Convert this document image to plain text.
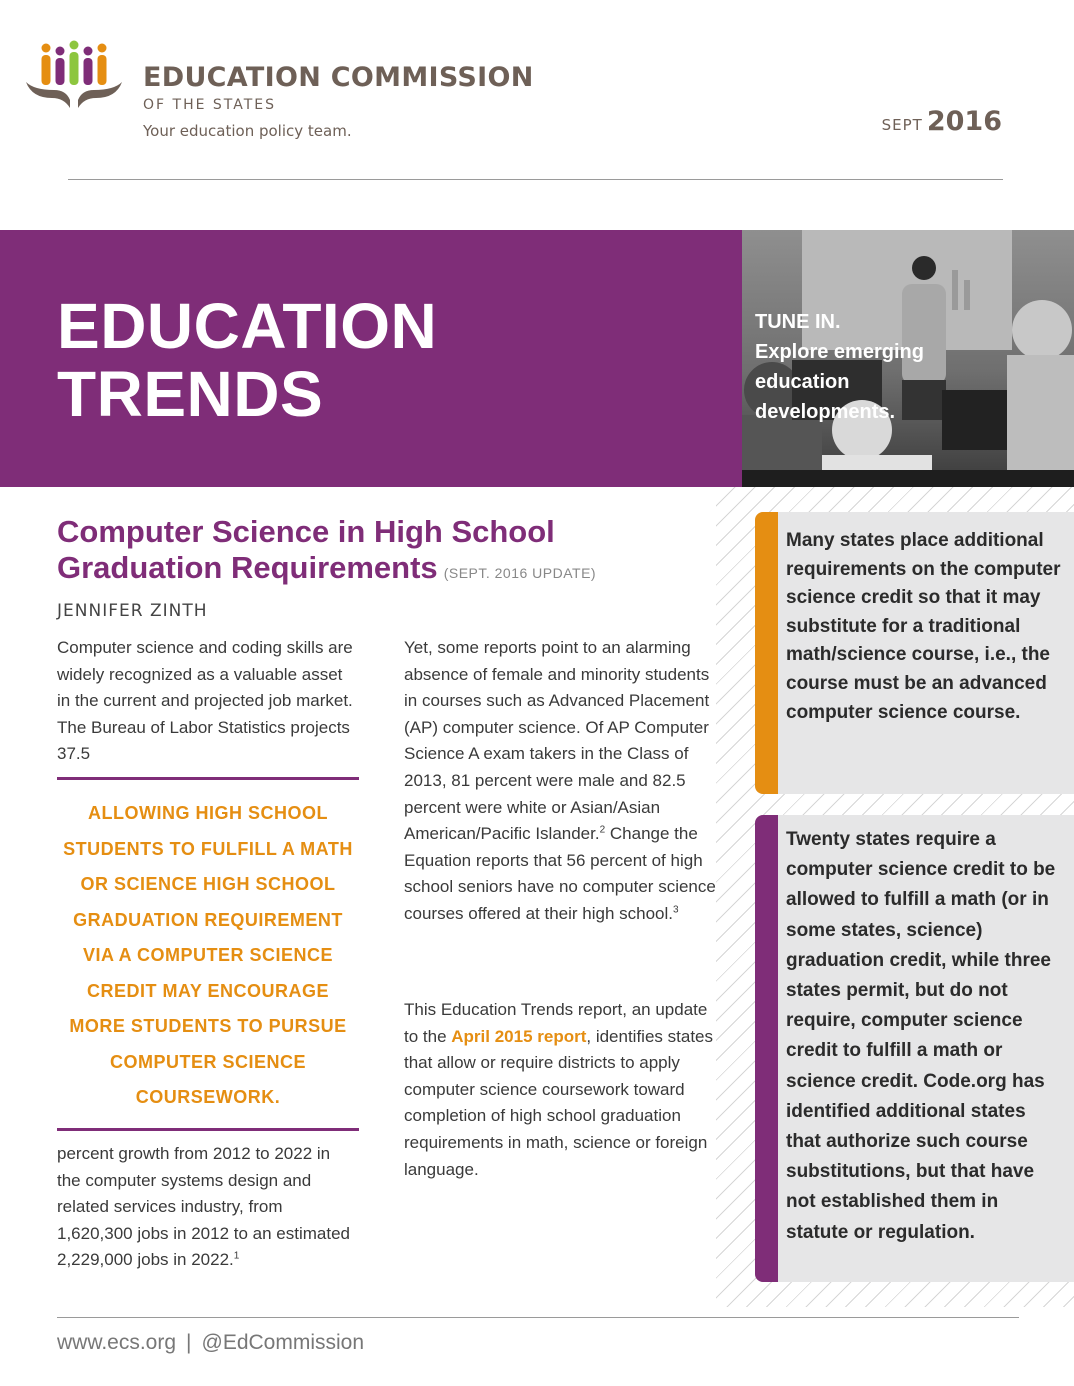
EDUCATION COMMISSION
OF THE STATES
Your education policy team.	SEPT 2016
EDUCATION
TRENDS
TUNE IN.
Explore emerging
education
developments.
Computer Science in High School
Graduation Requirements (SEPT. 2016 UPDATE)
JENNIFER ZINTH

Computer science and coding skills are widely recognized as a valuable asset in the current and projected job market. The Bureau of Labor Statistics projects 37.5

ALLOWING HIGH SCHOOL STUDENTS TO FULFILL A MATH OR SCIENCE HIGH SCHOOL GRADUATION REQUIREMENT VIA A COMPUTER SCIENCE CREDIT MAY ENCOURAGE MORE STUDENTS TO PURSUE COMPUTER SCIENCE COURSEWORK.

percent growth from 2012 to 2022 in the computer systems design and related services industry, from 1,620,300 jobs in 2012 to an estimated 2,229,000 jobs in 2022.$^1$

Yet, some reports point to an alarming absence of female and minority students in courses such as Advanced Placement (AP) computer science. Of AP Computer Science A exam takers in the Class of 2013, 81 percent were male and 82.5 percent were white or Asian/Asian American/Pacific Islander.$^2$ Change the Equation reports that 56 percent of high school seniors have no computer science courses offered at their high school.$^3$

This Education Trends report, an update to the April 2015 report, identifies states that allow or require districts to apply computer science coursework toward completion of high school graduation requirements in math, science or foreign language.

Many states place additional requirements on the computer science credit so that it may substitute for a traditional math/science course, i.e., the course must be an advanced computer science course.
Twenty states require a computer science credit to be allowed to fulfill a math (or in some states, science) graduation credit, while three states permit, but do not require, computer science credit to fulfill a math or science credit. Code.org has identified additional states that authorize such course substitutions, but that have not established them in statute or regulation.
www.ecs.org | @EdCommission
